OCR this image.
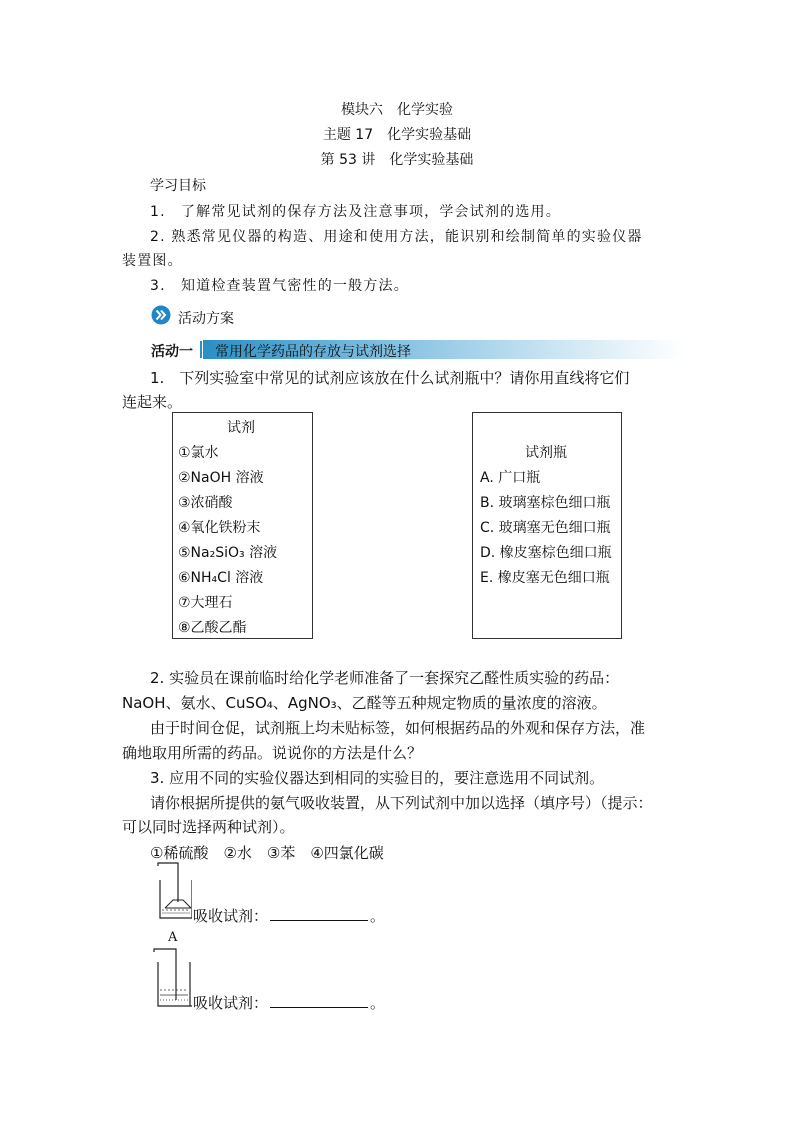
模块六　化学实验
主题 17　化学实验基础
第 53 讲　化学实验基础
学习目标
1.　了解常见试剂的保存方法及注意事项，学会试剂的选用。
2. 熟悉常见仪器的构造、用途和使用方法，能识别和绘制简单的实验仪器
装置图。
3.　知道检查装置气密性的一般方法。
活动方案
活动一 常用化学药品的存放与试剂选择
1.　下列实验室中常见的试剂应该放在什么试剂瓶中？请你用直线将它们
连起来。
试剂
①氯水
②NaOH 溶液
③浓硝酸
④氧化铁粉末
⑤Na₂SiO₃ 溶液
⑥NH₄Cl 溶液
⑦大理石
⑧乙酸乙酯
试剂瓶
A. 广口瓶
B. 玻璃塞棕色细口瓶
C. 玻璃塞无色细口瓶
D. 橡皮塞棕色细口瓶
E. 橡皮塞无色细口瓶
2. 实验员在课前临时给化学老师准备了一套探究乙醛性质实验的药品：
NaOH、氨水、CuSO₄、AgNO₃、乙醛等五种规定物质的量浓度的溶液。
由于时间仓促，试剂瓶上均未贴标签，如何根据药品的外观和保存方法，准
确地取用所需的药品。说说你的方法是什么？
3. 应用不同的实验仪器达到相同的实验目的，要注意选用不同试剂。
请你根据所提供的氨气吸收装置，从下列试剂中加以选择（填序号）（提示：
可以同时选择两种试剂）。
①稀硫酸　②水　③苯　④四氯化碳
吸收试剂：	。
A
吸收试剂：	。
